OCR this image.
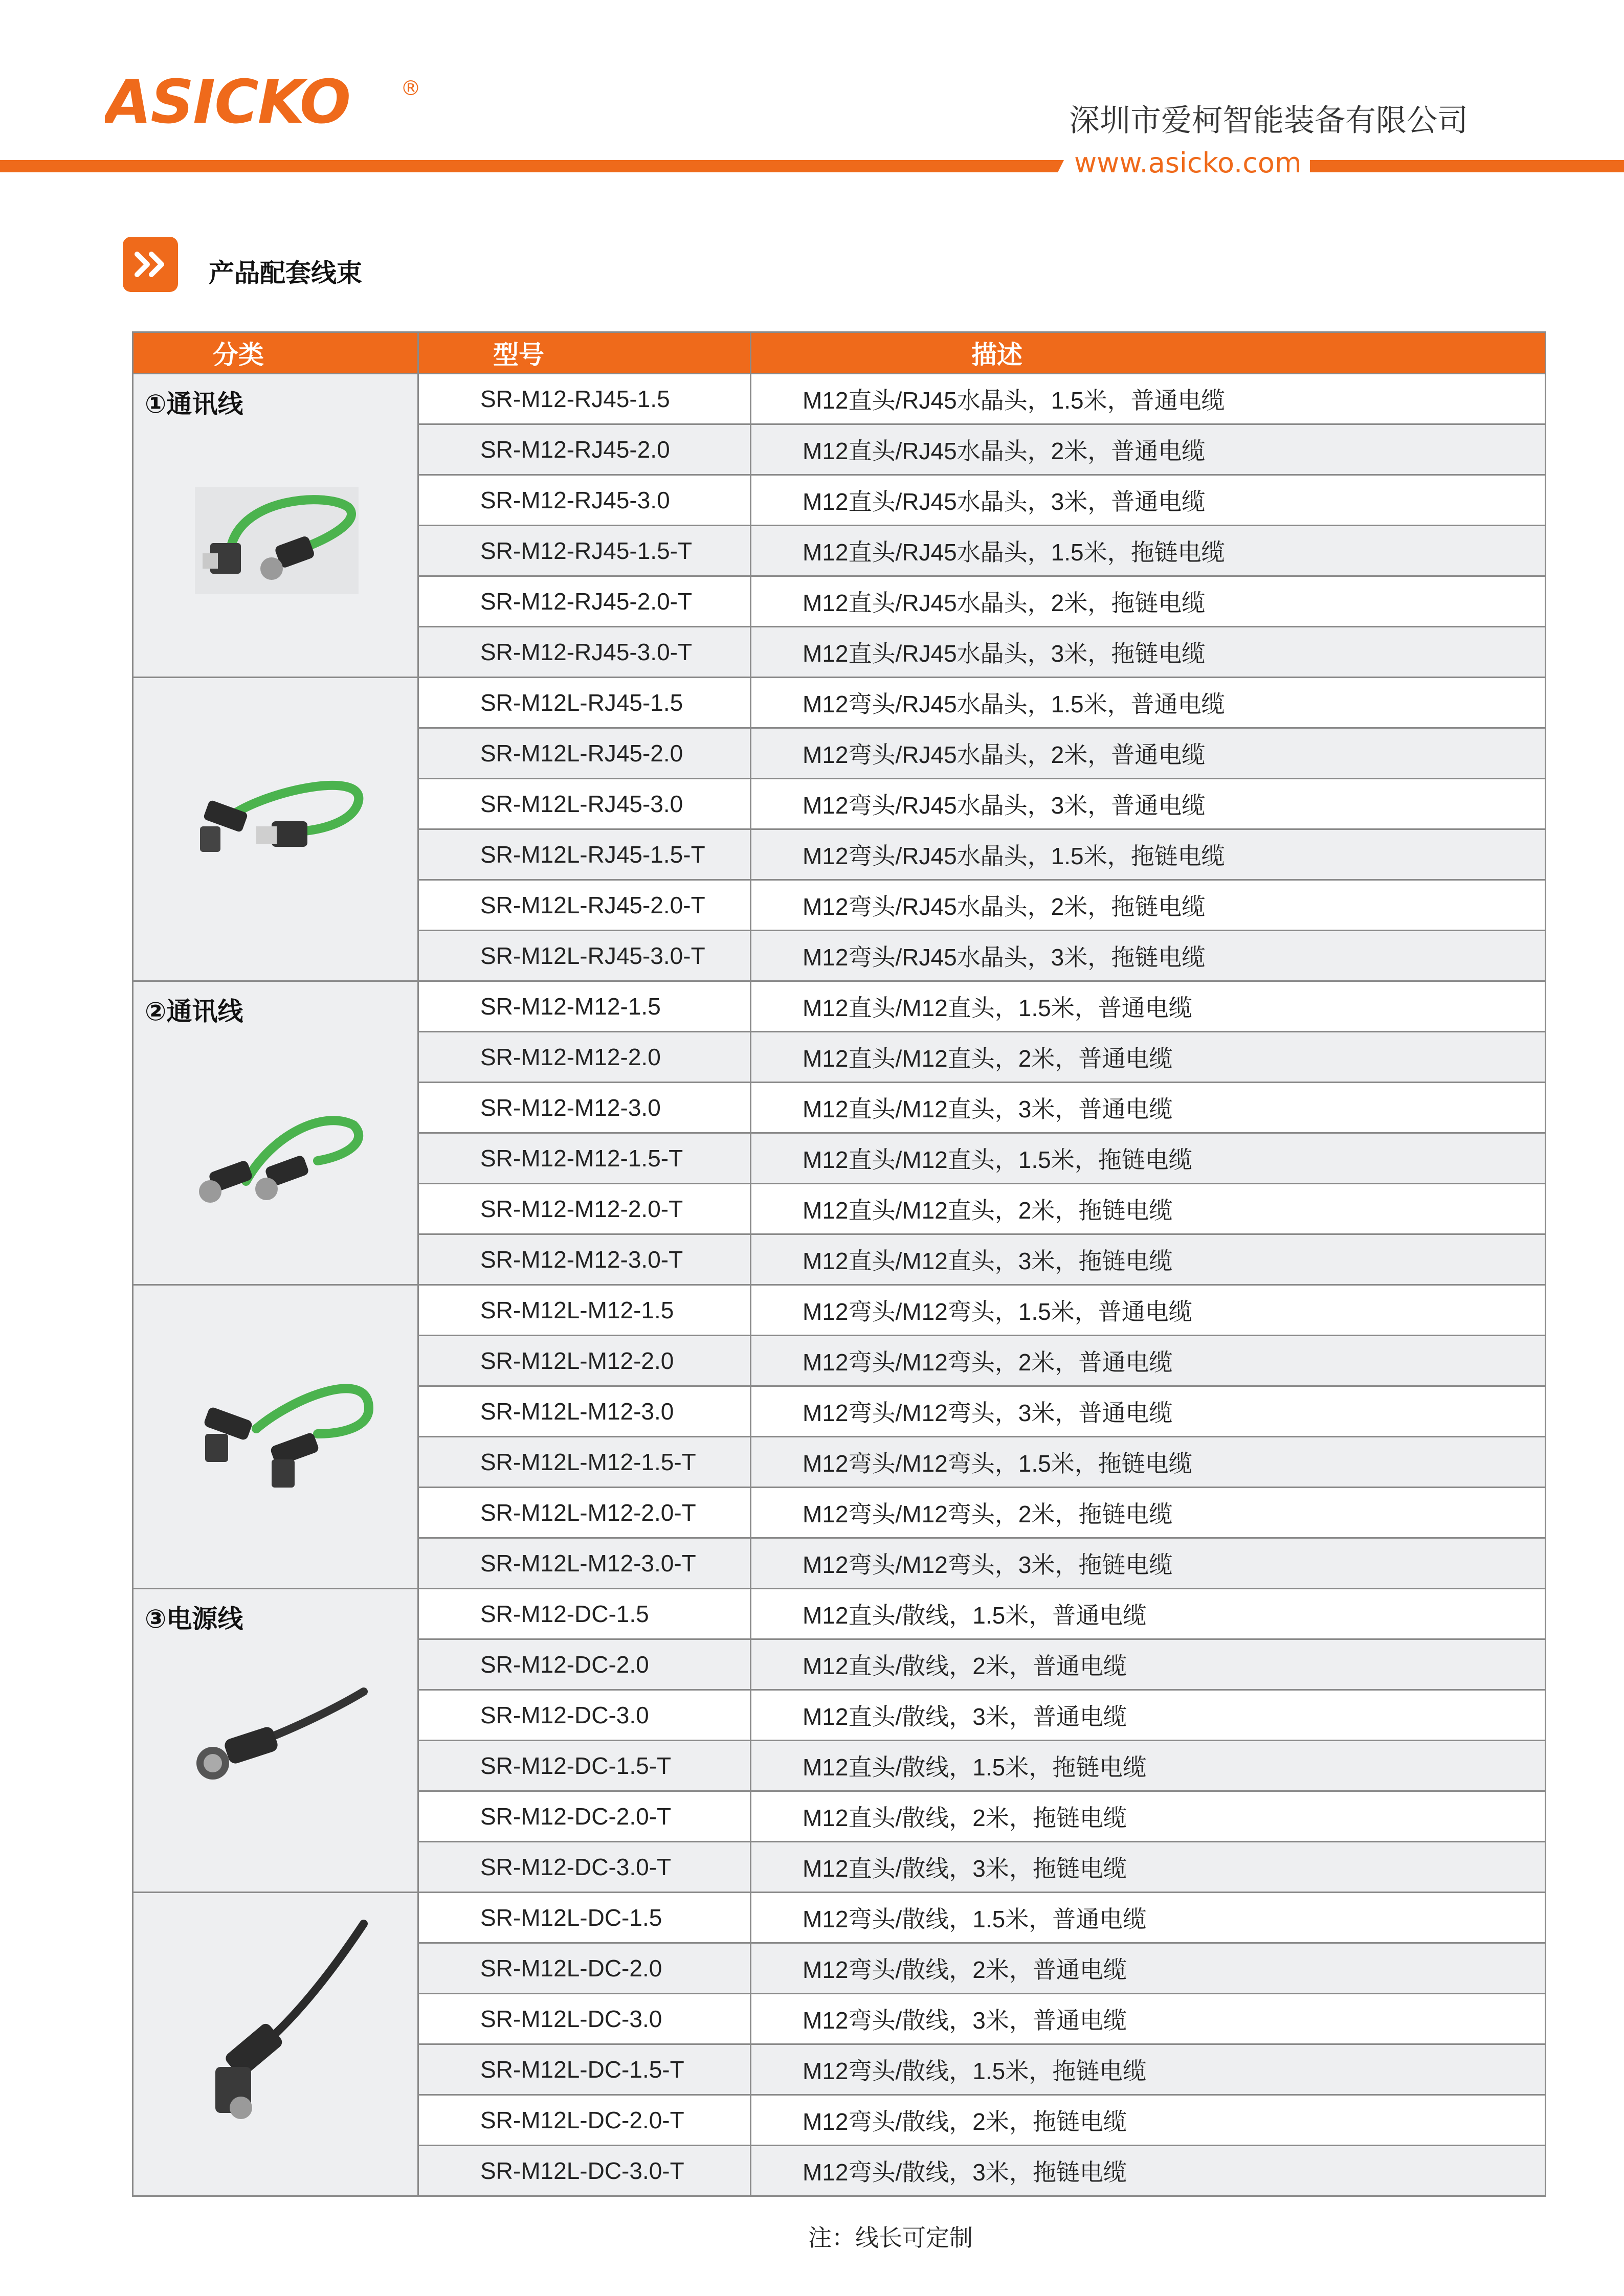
ASICKO ®
深圳市爱柯智能装备有限公司
www.asicko.com
产品配套线束
分类	型号	描述

①通讯线	SR-M12-RJ45-1.5	M12直头/RJ45水晶头，1.5米，普通电缆
	SR-M12-RJ45-2.0	M12直头/RJ45水晶头，2米，普通电缆
	SR-M12-RJ45-3.0	M12直头/RJ45水晶头，3米，普通电缆
	SR-M12-RJ45-1.5-T	M12直头/RJ45水晶头，1.5米，拖链电缆
	SR-M12-RJ45-2.0-T	M12直头/RJ45水晶头，2米，拖链电缆
	SR-M12-RJ45-3.0-T	M12直头/RJ45水晶头，3米，拖链电缆

	SR-M12L-RJ45-1.5	M12弯头/RJ45水晶头，1.5米，普通电缆
	SR-M12L-RJ45-2.0	M12弯头/RJ45水晶头，2米，普通电缆
	SR-M12L-RJ45-3.0	M12弯头/RJ45水晶头，3米，普通电缆
	SR-M12L-RJ45-1.5-T	M12弯头/RJ45水晶头，1.5米，拖链电缆
	SR-M12L-RJ45-2.0-T	M12弯头/RJ45水晶头，2米，拖链电缆
	SR-M12L-RJ45-3.0-T	M12弯头/RJ45水晶头，3米，拖链电缆

②通讯线	SR-M12-M12-1.5	M12直头/M12直头，1.5米，普通电缆
	SR-M12-M12-2.0	M12直头/M12直头，2米，普通电缆
	SR-M12-M12-3.0	M12直头/M12直头，3米，普通电缆
	SR-M12-M12-1.5-T	M12直头/M12直头，1.5米，拖链电缆
	SR-M12-M12-2.0-T	M12直头/M12直头，2米，拖链电缆
	SR-M12-M12-3.0-T	M12直头/M12直头，3米，拖链电缆

	SR-M12L-M12-1.5	M12弯头/M12弯头，1.5米，普通电缆
	SR-M12L-M12-2.0	M12弯头/M12弯头，2米，普通电缆
	SR-M12L-M12-3.0	M12弯头/M12弯头，3米，普通电缆
	SR-M12L-M12-1.5-T	M12弯头/M12弯头，1.5米，拖链电缆
	SR-M12L-M12-2.0-T	M12弯头/M12弯头，2米，拖链电缆
	SR-M12L-M12-3.0-T	M12弯头/M12弯头，3米，拖链电缆

③电源线	SR-M12-DC-1.5	M12直头/散线，1.5米，普通电缆
	SR-M12-DC-2.0	M12直头/散线，2米，普通电缆
	SR-M12-DC-3.0	M12直头/散线，3米，普通电缆
	SR-M12-DC-1.5-T	M12直头/散线，1.5米，拖链电缆
	SR-M12-DC-2.0-T	M12直头/散线，2米，拖链电缆
	SR-M12-DC-3.0-T	M12直头/散线，3米，拖链电缆

	SR-M12L-DC-1.5	M12弯头/散线，1.5米，普通电缆
	SR-M12L-DC-2.0	M12弯头/散线，2米，普通电缆
	SR-M12L-DC-3.0	M12弯头/散线，3米，普通电缆
	SR-M12L-DC-1.5-T	M12弯头/散线，1.5米，拖链电缆
	SR-M12L-DC-2.0-T	M12弯头/散线，2米，拖链电缆
	SR-M12L-DC-3.0-T	M12弯头/散线，3米，拖链电缆
注：线长可定制
